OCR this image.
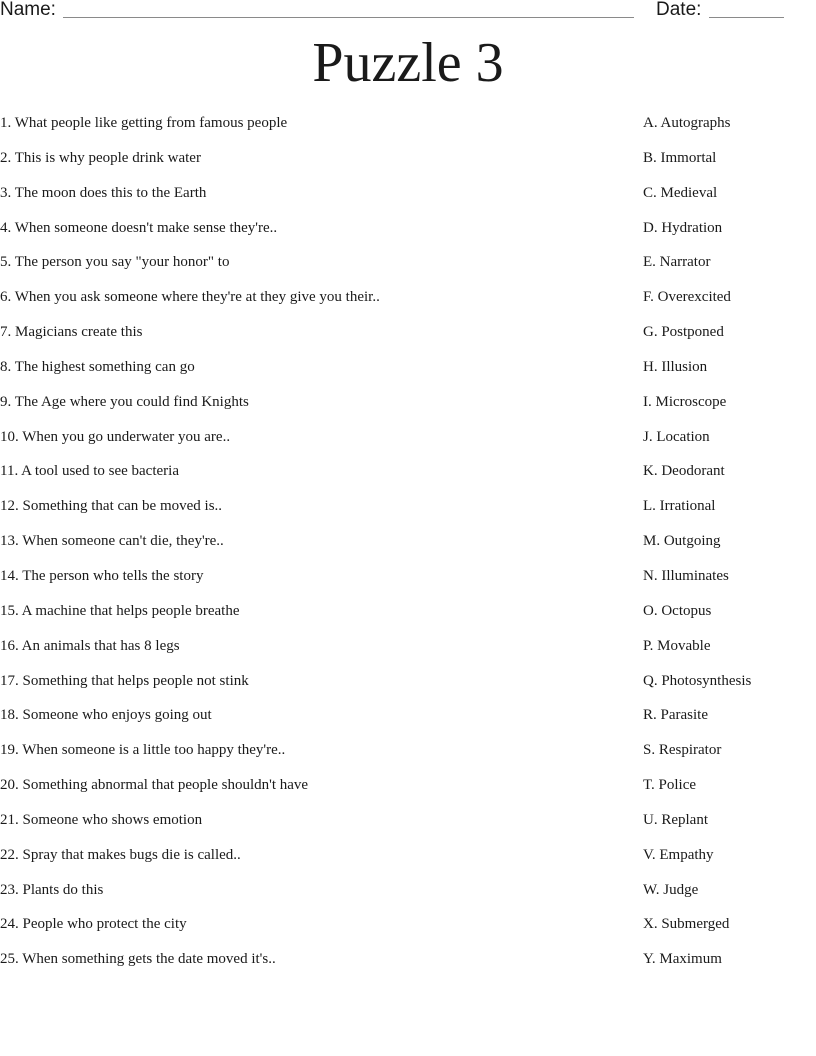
Name:	Date:
Puzzle 3
1. What people like getting from famous people	A. Autographs
2. This is why people drink water	B. Immortal
3. The moon does this to the Earth	C. Medieval
4. When someone doesn't make sense they're..	D. Hydration
5. The person you say "your honor" to	E. Narrator
6. When you ask someone where they're at they give you their..	F. Overexcited
7. Magicians create this	G. Postponed
8. The highest something can go	H. Illusion
9. The Age where you could find Knights	I. Microscope
10. When you go underwater you are..	J. Location
11. A tool used to see bacteria	K. Deodorant
12. Something that can be moved is..	L. Irrational
13. When someone can't die, they're..	M. Outgoing
14. The person who tells the story	N. Illuminates
15. A machine that helps people breathe	O. Octopus
16. An animals that has 8 legs	P. Movable
17. Something that helps people not stink	Q. Photosynthesis
18. Someone who enjoys going out	R. Parasite
19. When someone is a little too happy they're..	S. Respirator
20. Something abnormal that people shouldn't have	T. Police
21. Someone who shows emotion	U. Replant
22. Spray that makes bugs die is called..	V. Empathy
23. Plants do this	W. Judge
24. People who protect the city	X. Submerged
25. When something gets the date moved it's..	Y. Maximum
